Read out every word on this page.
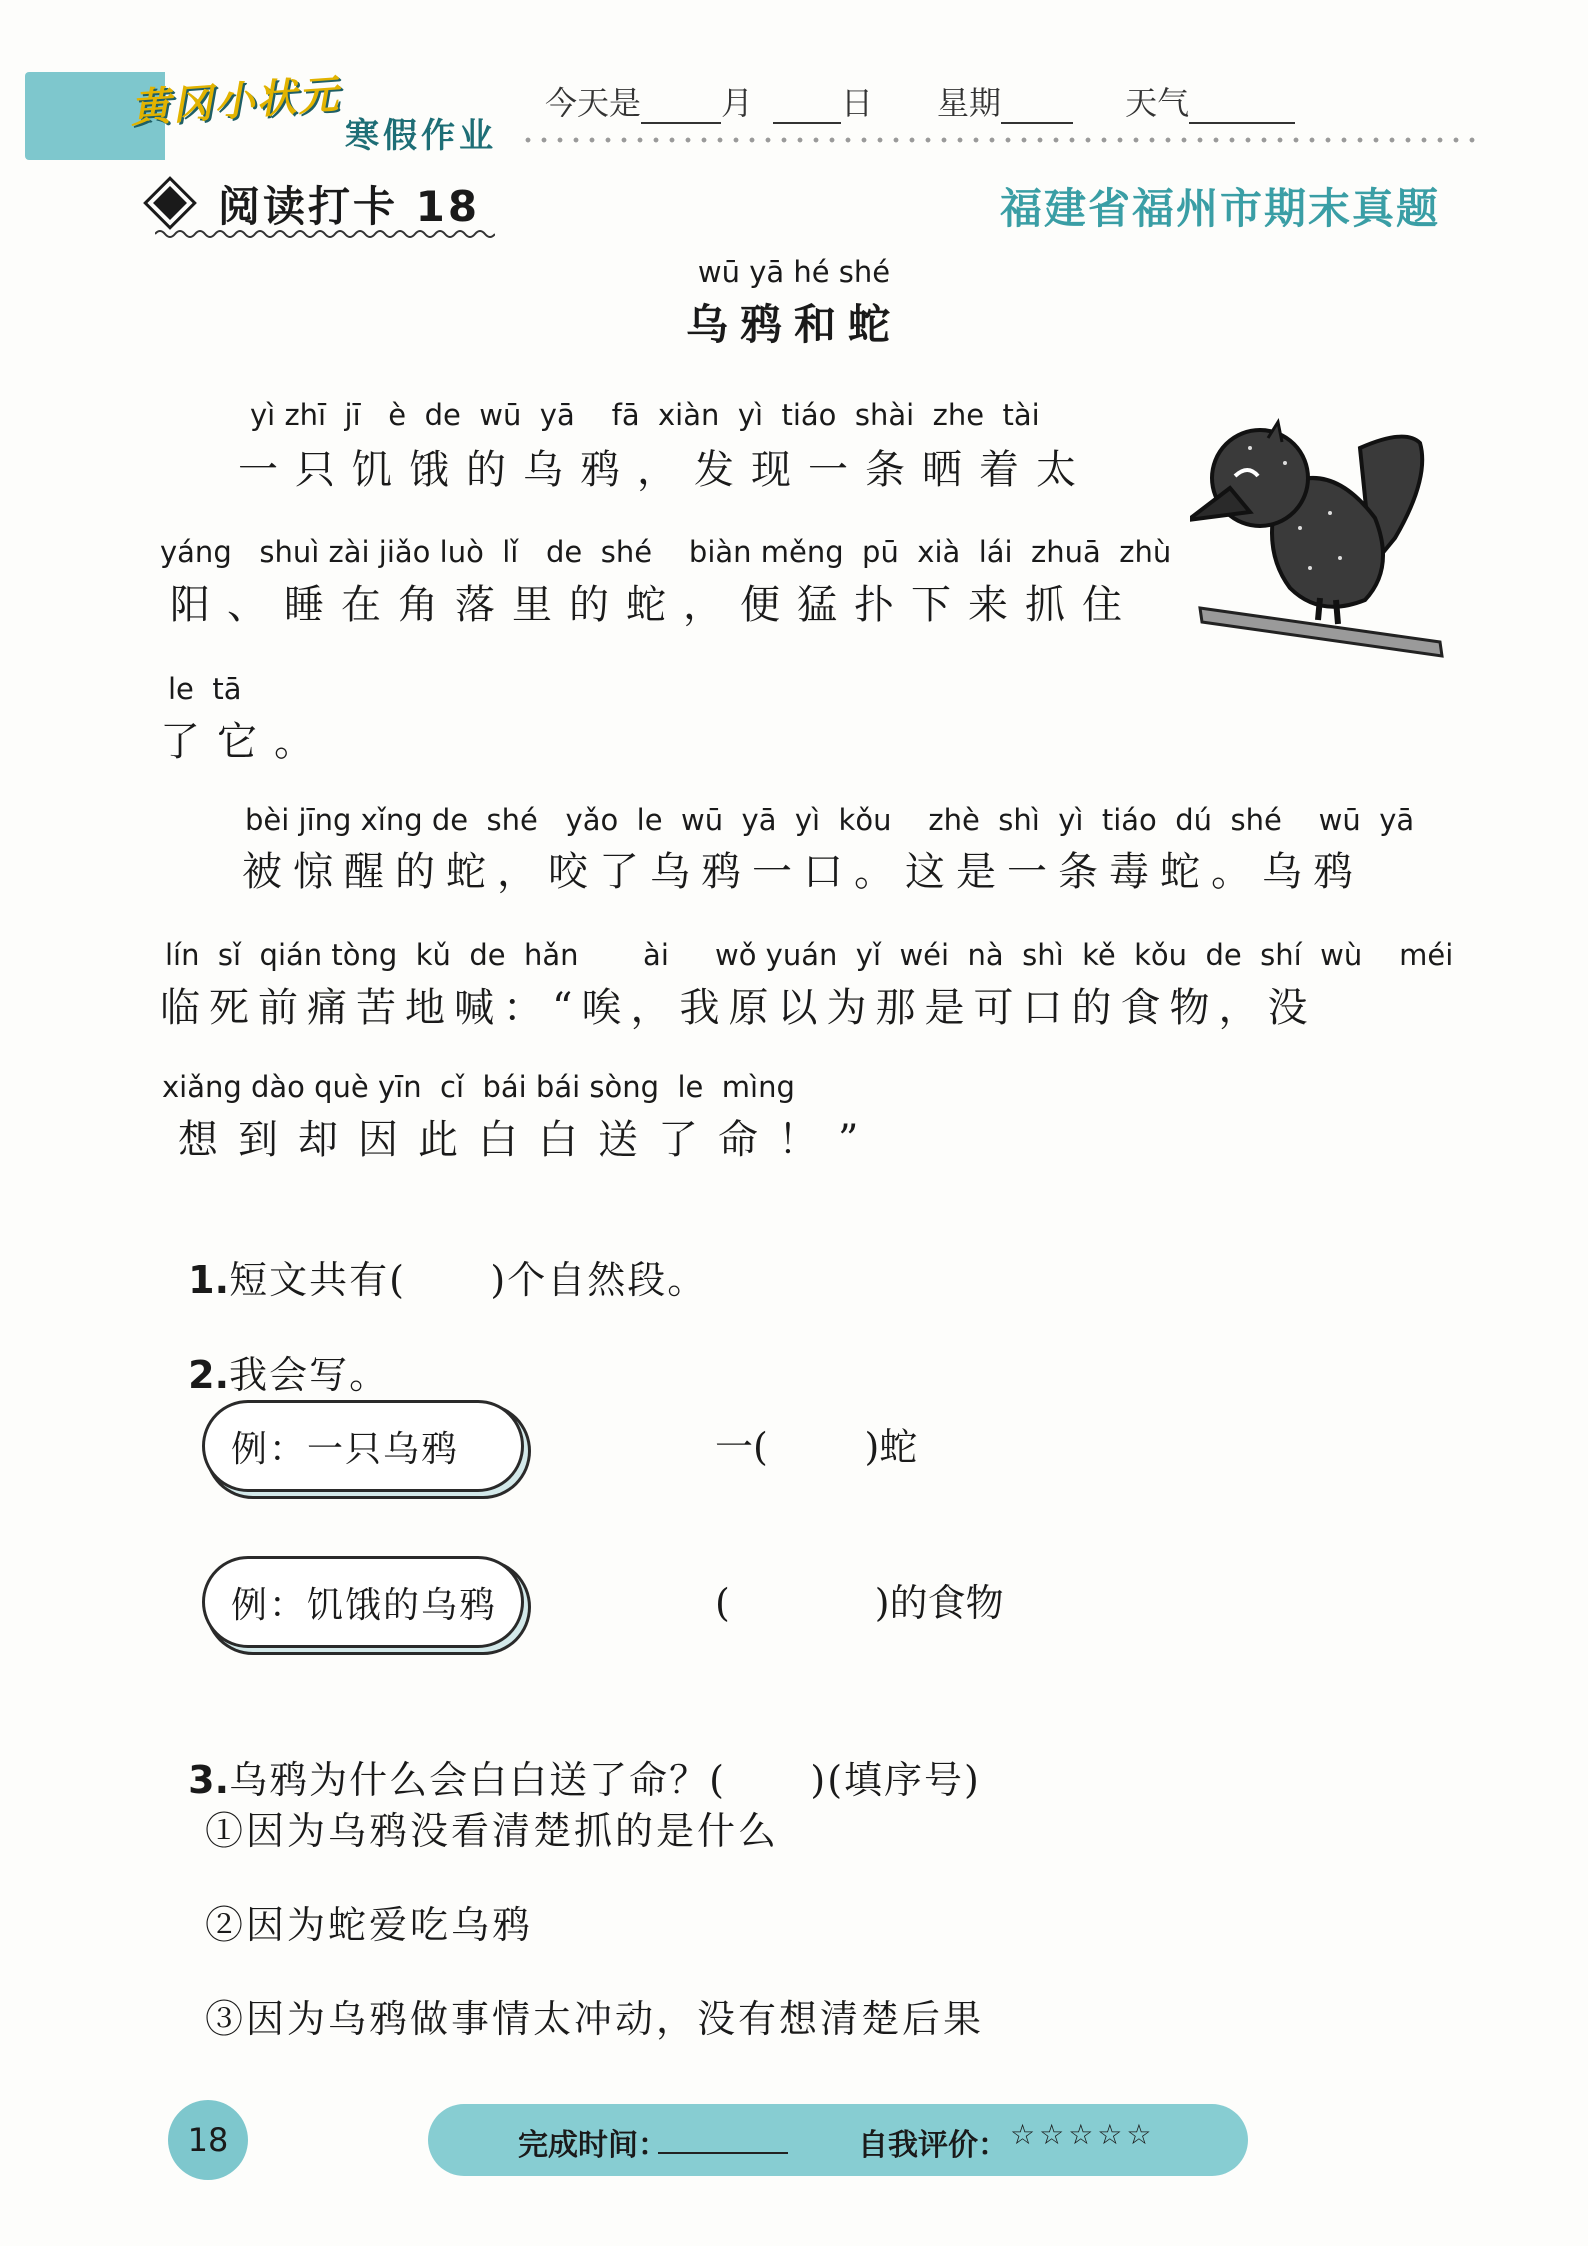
黄冈小状元
寒假作业
今天是	月	日 星期	天气
阅读打卡 18	福建省福州市期末真题
wū yā hé shé
乌鸦和蛇
yì zhī  jī   è  de  wū  yā    fā  xiàn  yì  tiáo  shài  zhe  tài
一只饥饿的乌鸦，发现一条晒着太
yáng   shuì zài jiǎo luò  lǐ   de  shé    biàn měng  pū  xià  lái  zhuā  zhù
阳、睡在角落里的蛇，便猛扑下来抓住
le  tā
了它。
bèi jīng xǐng de  shé   yǎo  le  wū  yā  yì  kǒu    zhè  shì  yì  tiáo  dú  shé    wū  yā
被惊醒的蛇，咬了乌鸦一口。这是一条毒蛇。乌鸦
lín  sǐ  qián tòng  kǔ  de  hǎn       ài     wǒ yuán  yǐ  wéi  nà  shì  kě  kǒu  de  shí  wù    méi
临死前痛苦地喊：“唉，我原以为那是可口的食物，没
xiǎng dào què yīn  cǐ  bái bái sòng  le  mìng
想到却因此白白送了命！”

1.短文共有(      )个自然段。

2.我会写。

例：一只乌鸦	一(        )蛇
例：饥饿的乌鸦	(            )的食物

3.乌鸦为什么会白白送了命？(      )(填序号)

①因为乌鸦没看清楚抓的是什么
②因为蛇爱吃乌鸦
③因为乌鸦做事情太冲动，没有想清楚后果
18	完成时间：	自我评价： ☆☆☆☆☆
